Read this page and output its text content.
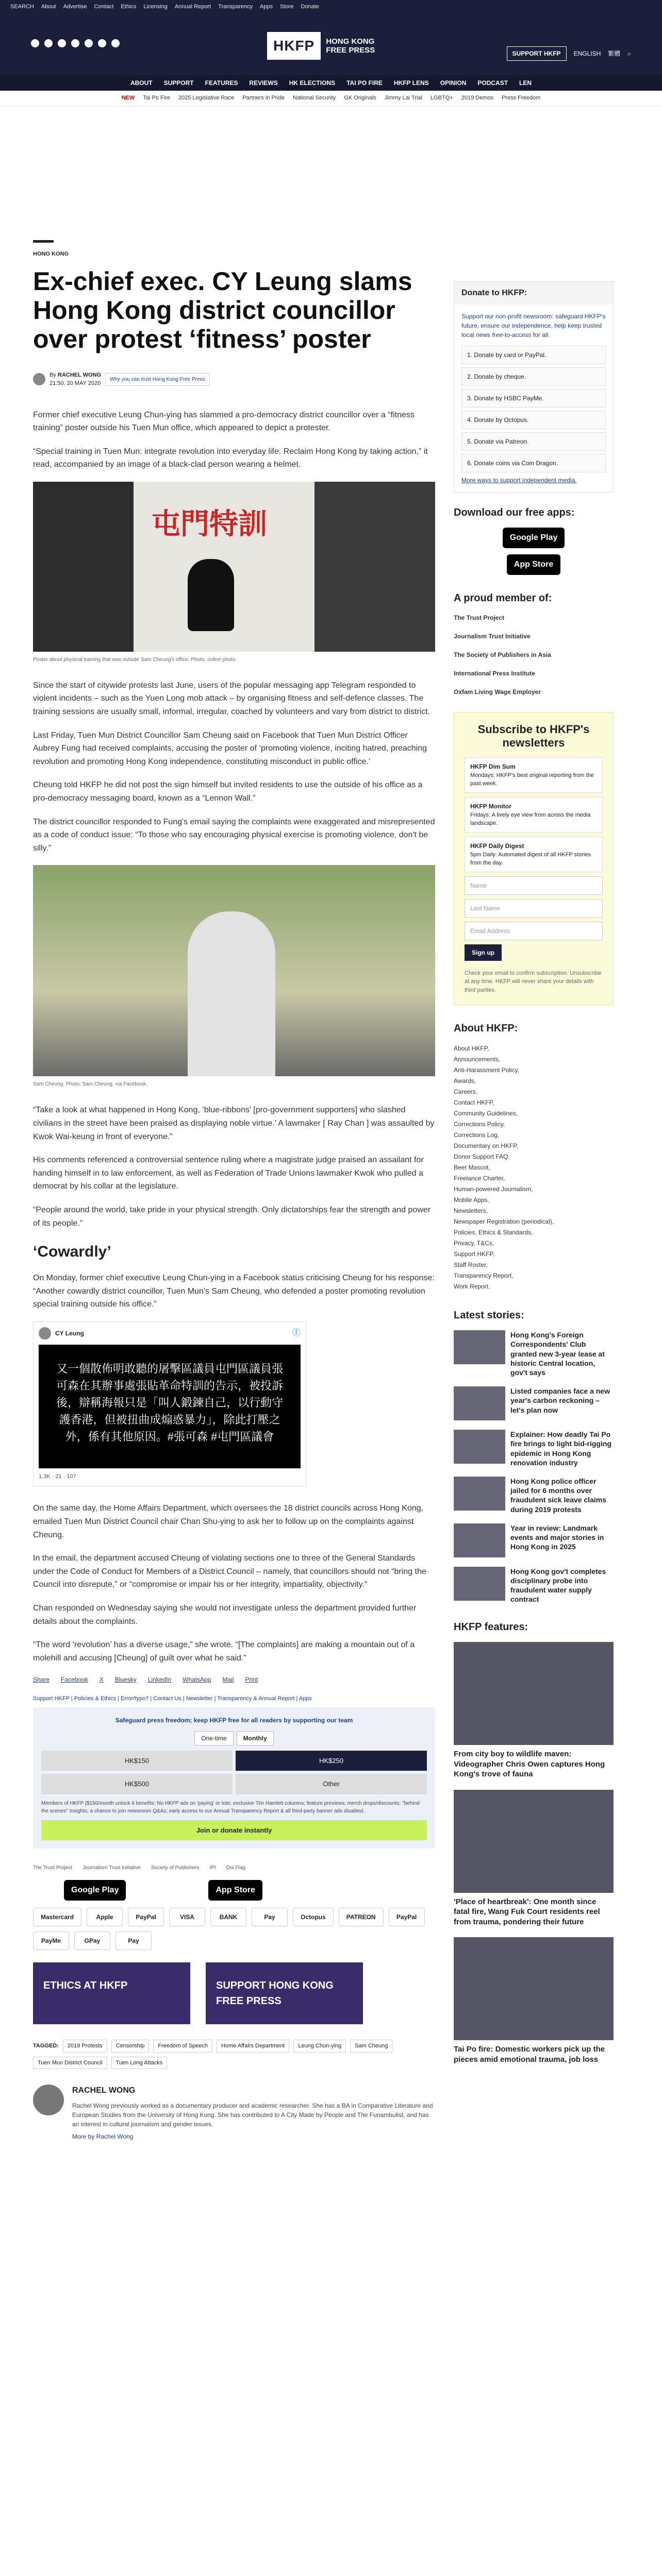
SEARCH About Advertise Contact Ethics Licensing Annual Report Transparency Apps Store Donate
HKFP	HONG KONG
FREE PRESS	SUPPORT HKFP	ENGLISH 繁體 ⌕
ABOUT SUPPORT FEATURES REVIEWS HK ELECTIONS TAI PO FIRE HKFP LENS OPINION PODCAST LEN
NEW Tai Po Fire 2025 Legislative Race Partners in Pride National Security GK Originals Jimmy Lai Trial LGBTQ+ 2019 Demos Press Freedom
HONG KONG
Ex-chief exec. CY Leung slams Hong Kong district councillor over protest ‘fitness’ poster
By RACHEL WONG
21:50, 20 MAY 2020
Why you can trust Hong Kong Free Press

Former chief executive Leung Chun-ying has slammed a pro-democracy district councillor over a “fitness training” poster outside his Tuen Mun office, which appeared to depict a protester.

“Special training in Tuen Mun: integrate revolution into everyday life. Reclaim Hong Kong by taking action,” it read, accompanied by an image of a black-clad person wearing a helmet.

屯門特訓
Poster about physical training that was outside Sam Cheung's office. Photo: online photo.

Since the start of citywide protests last June, users of the popular messaging app Telegram responded to violent incidents – such as the Yuen Long mob attack – by organising fitness and self-defence classes. The training sessions are usually small, informal, irregular, coached by volunteers and vary from district to district.

Last Friday, Tuen Mun District Councillor Sam Cheung said on Facebook that Tuen Mun District Officer Aubrey Fung had received complaints, accusing the poster of ‘promoting violence, inciting hatred, preaching revolution and promoting Hong Kong independence, constituting misconduct in public office.’

Cheung told HKFP he did not post the sign himself but invited residents to use the outside of his office as a pro-democracy messaging board, known as a “Lennon Wall.”

The district councillor responded to Fung's email saying the complaints were exaggerated and misrepresented as a code of conduct issue: “To those who say encouraging physical exercise is promoting violence, don't be silly.”

Sam Cheung. Photo: Sam Cheung, via Facebook.

“Take a look at what happened in Hong Kong, ‘blue-ribbons’ [pro-government supporters] who slashed civilians in the street have been praised as displaying noble virtue.’ A lawmaker [ Ray Chan ] was assaulted by Kwok Wai-keung in front of everyone.”

His comments referenced a controversial sentence ruling where a magistrate judge praised an assailant for handing himself in to law enforcement, as well as Federation of Trade Unions lawmaker Kwok who pulled a democrat by his collar at the legislature.

“People around the world, take pride in your physical strength. Only dictatorships fear the strength and power of its people.”

‘Cowardly’

On Monday, former chief executive Leung Chun-ying in a Facebook status criticising Cheung for his response: “Another cowardly district councillor, Tuen Mun's Sam Cheung, who defended a poster promoting revolution special training outside his office.”

CY Leung	ⓕ
又一個散佈明敢聽的屠擊區議員屯門區議員張可森在其辦事處張貼革命特訓的告示，被投訴後，辯稱海報只是「叫人鍛鍊自己，以行動守護香港，但被扭曲成煽惑暴力」，除此打壓之外，係有其他原因。#張可森 #屯門區議會
1.3K · 21 · 107

On the same day, the Home Affairs Department, which oversees the 18 district councils across Hong Kong, emailed Tuen Mun District Council chair Chan Shu-ying to ask her to follow up on the complaints against Cheung.

In the email, the department accused Cheung of violating sections one to three of the General Standards under the Code of Conduct for Members of a District Council – namely, that councillors should not “bring the Council into disrepute,” or “compromise or impair his or her integrity, impartiality, objectivity.”

Chan responded on Wednesday saying she would not investigate unless the department provided further details about the complaints.

“The word ‘revolution’ has a diverse usage,” she wrote. “[The complaints] are making a mountain out of a molehill and accusing [Cheung] of guilt over what he said.”

Share Facebook X Bluesky LinkedIn WhatsApp Mail Print
Support HKFP | Policies & Ethics | Error/typo? | Contact Us | Newsletter | Transparency & Annual Report | Apps
Safeguard press freedom; keep HKFP free for all readers by supporting our team
One-time	Monthly
HK$150	HK$250
HK$500	Other
Members of HKFP ($150/month unlock 6 benefits: No HKFP ads on 'paying' or tote; exclusive Tim Hamlett columns; feature previews; merch drops/discounts; ''behind the scenes'' insights; a chance to join newsroom Q&As; early access to our Annual Transparency Report & all third-party banner ads disabled.
Join or donate instantly
The Trust Project Journalism Trust Initiative Society of Publishers IPI Doi Flag
Google Play	App Store
Mastercard	Apple	PayPal	VISA	BANK	Pay	Octopus	PATREON	PayPal
PayMe	GPay	Pay
ETHICS AT HKFP	SUPPORT HONG KONG FREE PRESS
TAGGED:	2019 Protests	Censorship	Freedom of Speech	Home Affairs Department	Leung Chun-ying	Sam Cheung
Tuen Mun District Council	Tuen Long Attacks
RACHEL WONG

Rachel Wong previously worked as a documentary producer and academic researcher. She has a BA in Comparative Literature and European Studies from the University of Hong Kong. She has contributed to A City Made by People and The Funambulist, and has an interest in cultural journalism and gender issues.

More by Rachel Wong
Donate to HKFP:
Support our non-profit newsroom: safeguard HKFP's future, ensure our independence, help keep trusted local news free-to-access for all.
1. Donate by card or PayPal.
2. Donate by cheque.
3. Donate by HSBC PayMe.
4. Donate by Octopus.
5. Donate via Patreon.
6. Donate coins via Coin Dragon.
More ways to support independent media.
Download our free apps:
Google Play
App Store
A proud member of:
The Trust Project
Journalism Trust Initiative
The Society of Publishers in Asia
International Press Institute
Oxfam Living Wage Employer
Subscribe to HKFP's newsletters
HKFP Dim Sum
Mondays: HKFP's best original reporting from the past week.
HKFP Monitor
Fridays: A lively eye view from across the media landscape.
HKFP Daily Digest
5pm Daily: Automated digest of all HKFP stories from the day.
Name
Last Name
Email Address
Sign up
Check your email to confirm subscription. Unsubscribe at any time. HKFP will never share your details with third parties.
About HKFP:
About HKFP,
Announcements,
Anti-Harassment Policy,
Awards,
Careers,
Contact HKFP,
Community Guidelines,
Corrections Policy,
Corrections Log,
Documentary on HKFP,
Donor Support FAQ,
Beer Mascot,
Freelance Charter,
Human-powered Journalism,
Mobile Apps,
Newsletters,
Newspaper Registration (periodical),
Policies, Ethics & Standards,
Privacy, T&Cs,
Support HKFP,
Staff Roster,
Transparency Report,
Work Report.
Latest stories:
Hong Kong's Foreign Correspondents' Club granted new 3-year lease at historic Central location, gov't says
Listed companies face a new year's carbon reckoning – let's plan now
Explainer: How deadly Tai Po fire brings to light bid-rigging epidemic in Hong Kong renovation industry
Hong Kong police officer jailed for 6 months over fraudulent sick leave claims during 2019 protests
Year in review: Landmark events and major stories in Hong Kong in 2025
Hong Kong gov't completes disciplinary probe into fraudulent water supply contract
HKFP features:
From city boy to wildlife maven: Videographer Chris Owen captures Hong Kong's trove of fauna
'Place of heartbreak': One month since fatal fire, Wang Fuk Court residents reel from trauma, pondering their future
Tai Po fire: Domestic workers pick up the pieces amid emotional trauma, job loss
